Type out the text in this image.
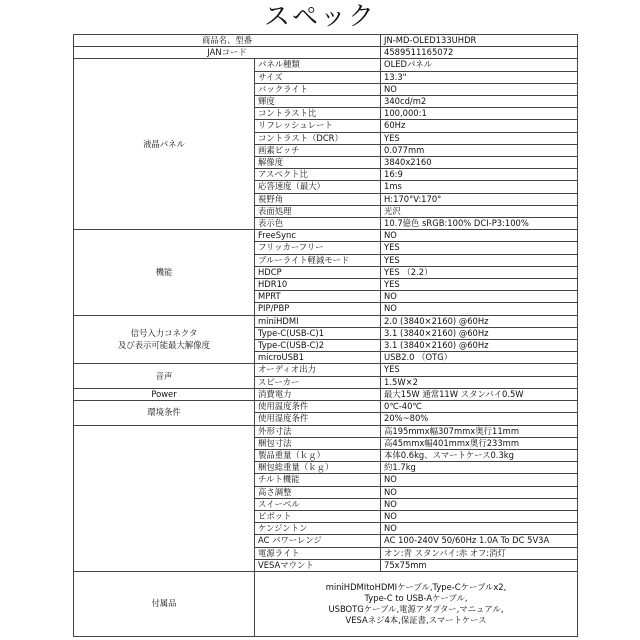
スペック
商品名、型番		JN-MD-OLED133UHDR
JANコード		4589511165072
液晶パネル	パネル種類	OLEDパネル
	サイズ	13.3"
	バックライト	NO
	輝度	340cd/m2
	コントラスト比	100,000:1
	リフレッシュレート	60Hz
	コントラスト（DCR）	YES
	画素ピッチ	0.077mm
	解像度	3840x2160
	アスペクト比	16:9
	応答速度（最大）	1ms
	視野角	H:170°V:170°
	表面処理	光沢
	表示色	10.7億色 sRGB:100% DCI-P3:100%
機能	FreeSync	NO
	フリッカーフリー	YES
	ブルーライト軽減モード	YES
	HDCP	YES （2.2）
	HDR10	YES
	MPRT	NO
	PIP/PBP	NO
信号入力コネクタ
及び表示可能最大解像度	miniHDMI	2.0 (3840×2160) @60Hz
	Type-C(USB-C)1	3.1 (3840×2160) @60Hz
	Type-C(USB-C)2	3.1 (3840×2160) @60Hz
	microUSB1	USB2.0 （OTG）
音声	オーディオ出力	YES
	スピーカー	1.5W×2
Power	消費電力	最大15W 通常11W スタンバイ0.5W
環境条件	使用温度条件	0℃-40℃
	使用湿度条件	20%~80%
	外形寸法	高195mmx幅307mmx奥行11mm
	梱包寸法	高45mmx幅401mmx奥行233mm
	製品重量（ｋｇ）	本体0.6kg、スマートケース0.3kg
	梱包総重量（ｋｇ）	約1.7kg
	チルト機能	NO
	高さ調整	NO
	スイーベル	NO
	ピボット	NO
	ケンジントン	NO
	AC パワーレンジ	AC 100-240V 50/60Hz 1.0A To DC 5V3A
	電源ライト	オン:青 スタンバイ:赤 オフ:消灯
	VESAマウント	75x75mm
付属品	miniHDMItoHDMIケーブル,Type-Cケーブルx2,
Type-C to USB-Aケーブル,
USBOTGケーブル,電源アダプター,マニュアル,
VESAネジ4本,保証書,スマートケース	
